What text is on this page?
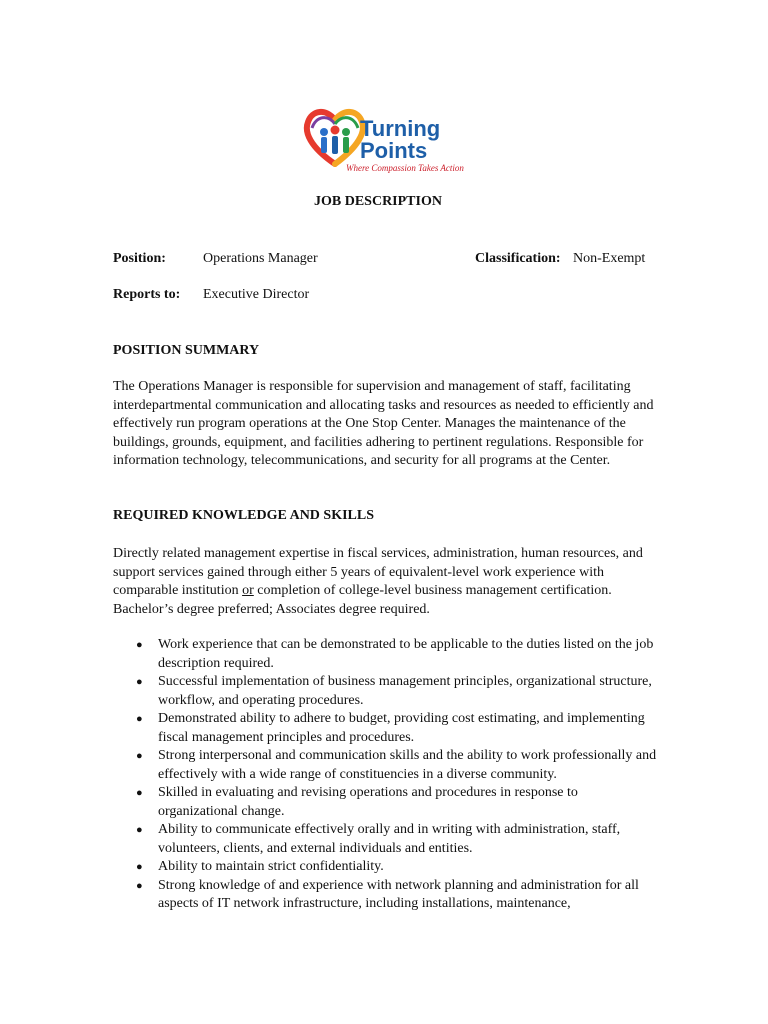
Turning
Points
Where Compassion Takes Action
JOB DESCRIPTION
Position:	Operations Manager	Classification: Non-Exempt
Reports to: Executive Director
POSITION SUMMARY
The Operations Manager is responsible for supervision and management of staff, facilitating interdepartmental communication and allocating tasks and resources as needed to efficiently and effectively run program operations at the One Stop Center. Manages the maintenance of the buildings, grounds, equipment, and facilities adhering to pertinent regulations. Responsible for information technology, telecommunications, and security for all programs at the Center.
REQUIRED KNOWLEDGE AND SKILLS
Directly related management expertise in fiscal services, administration, human resources, and support services gained through either 5 years of equivalent-level work experience with comparable institution or completion of college-level business management certification. Bachelor’s degree preferred; Associates degree required.
● Work experience that can be demonstrated to be applicable to the duties listed on the job description required.
● Successful implementation of business management principles, organizational structure, workflow, and operating procedures.
● Demonstrated ability to adhere to budget, providing cost estimating, and implementing fiscal management principles and procedures.
● Strong interpersonal and communication skills and the ability to work professionally and effectively with a wide range of constituencies in a diverse community.
● Skilled in evaluating and revising operations and procedures in response to organizational change.
● Ability to communicate effectively orally and in writing with administration, staff, volunteers, clients, and external individuals and entities.
● Ability to maintain strict confidentiality.
● Strong knowledge of and experience with network planning and administration for all aspects of IT network infrastructure, including installations, maintenance,
